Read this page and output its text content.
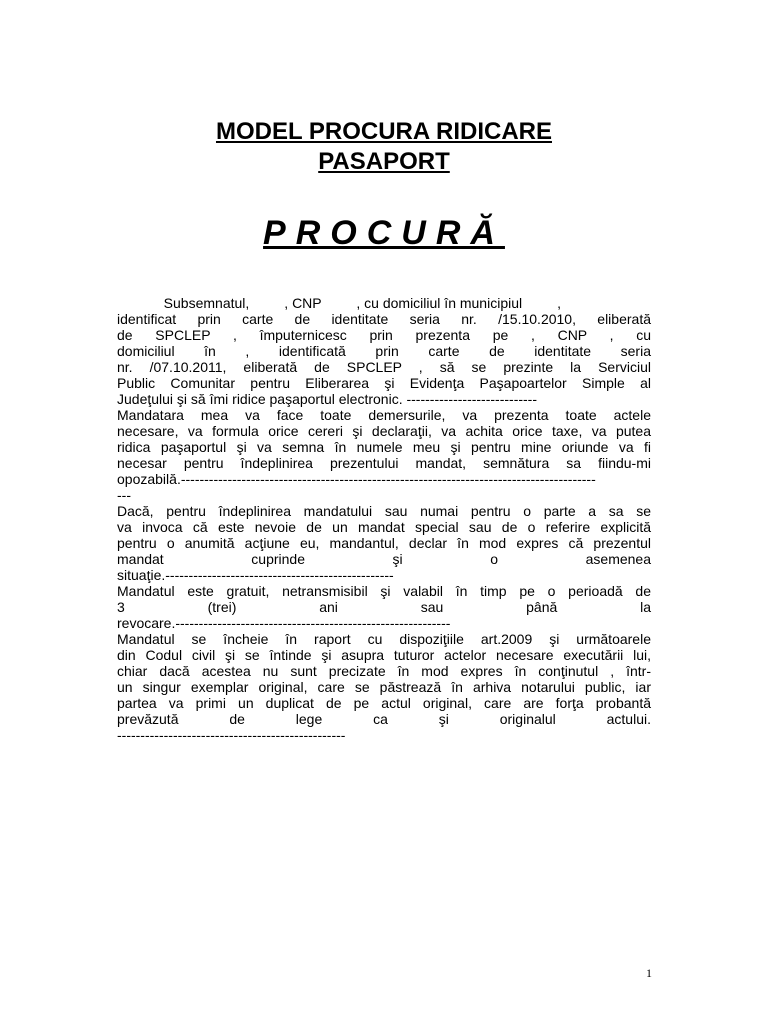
MODEL PROCURA RIDICARE
PASAPORT
PROCURĂ
Subsemnatul,         , CNP         , cu domiciliul în municipiul         ,
identificat prin carte de identitate seria nr. /15.10.2010, eliberată
de SPCLEP , împuternicesc prin prezenta pe , CNP , cu
domiciliul în , identificată prin carte de identitate seria
nr. /07.10.2011, eliberată de SPCLEP , să se prezinte la Serviciul
Public Comunitar pentru Eliberarea şi Evidenţa Paşapoartelor Simple al
Judeţului şi să îmi ridice paşaportul electronic. ----------------------------
Mandatara mea va face toate demersurile, va prezenta toate actele
necesare, va formula orice cereri şi declaraţii, va achita orice taxe, va putea
ridica paşaportul şi va semna în numele meu şi pentru mine oriunde va fi
necesar pentru îndeplinirea prezentului mandat, semnătura sa fiindu-mi
opozabilă.-----------------------------------------------------------------------------------------
---
Dacă, pentru îndeplinirea mandatului sau numai pentru o parte a sa se
va invoca că este nevoie de un mandat special sau de o referire explicită
pentru o anumită acţiune eu, mandantul, declar în mod expres că prezentul
mandat cuprinde şi o asemenea
situaţie.-------------------------------------------------
Mandatul este gratuit, netransmisibil şi valabil în timp pe o perioadă de
3 (trei) ani sau până la
revocare.-----------------------------------------------------------
Mandatul se încheie în raport cu dispoziţiile art.2009 şi următoarele
din Codul civil şi se întinde şi asupra tuturor actelor necesare executării lui,
chiar dacă acestea nu sunt precizate în mod expres în conţinutul , într-
un singur exemplar original, care se păstrează în arhiva notarului public, iar
partea va primi un duplicat de pe actul original, care are forţa probantă
prevăzută de lege ca şi originalul actului.
-------------------------------------------------
1
